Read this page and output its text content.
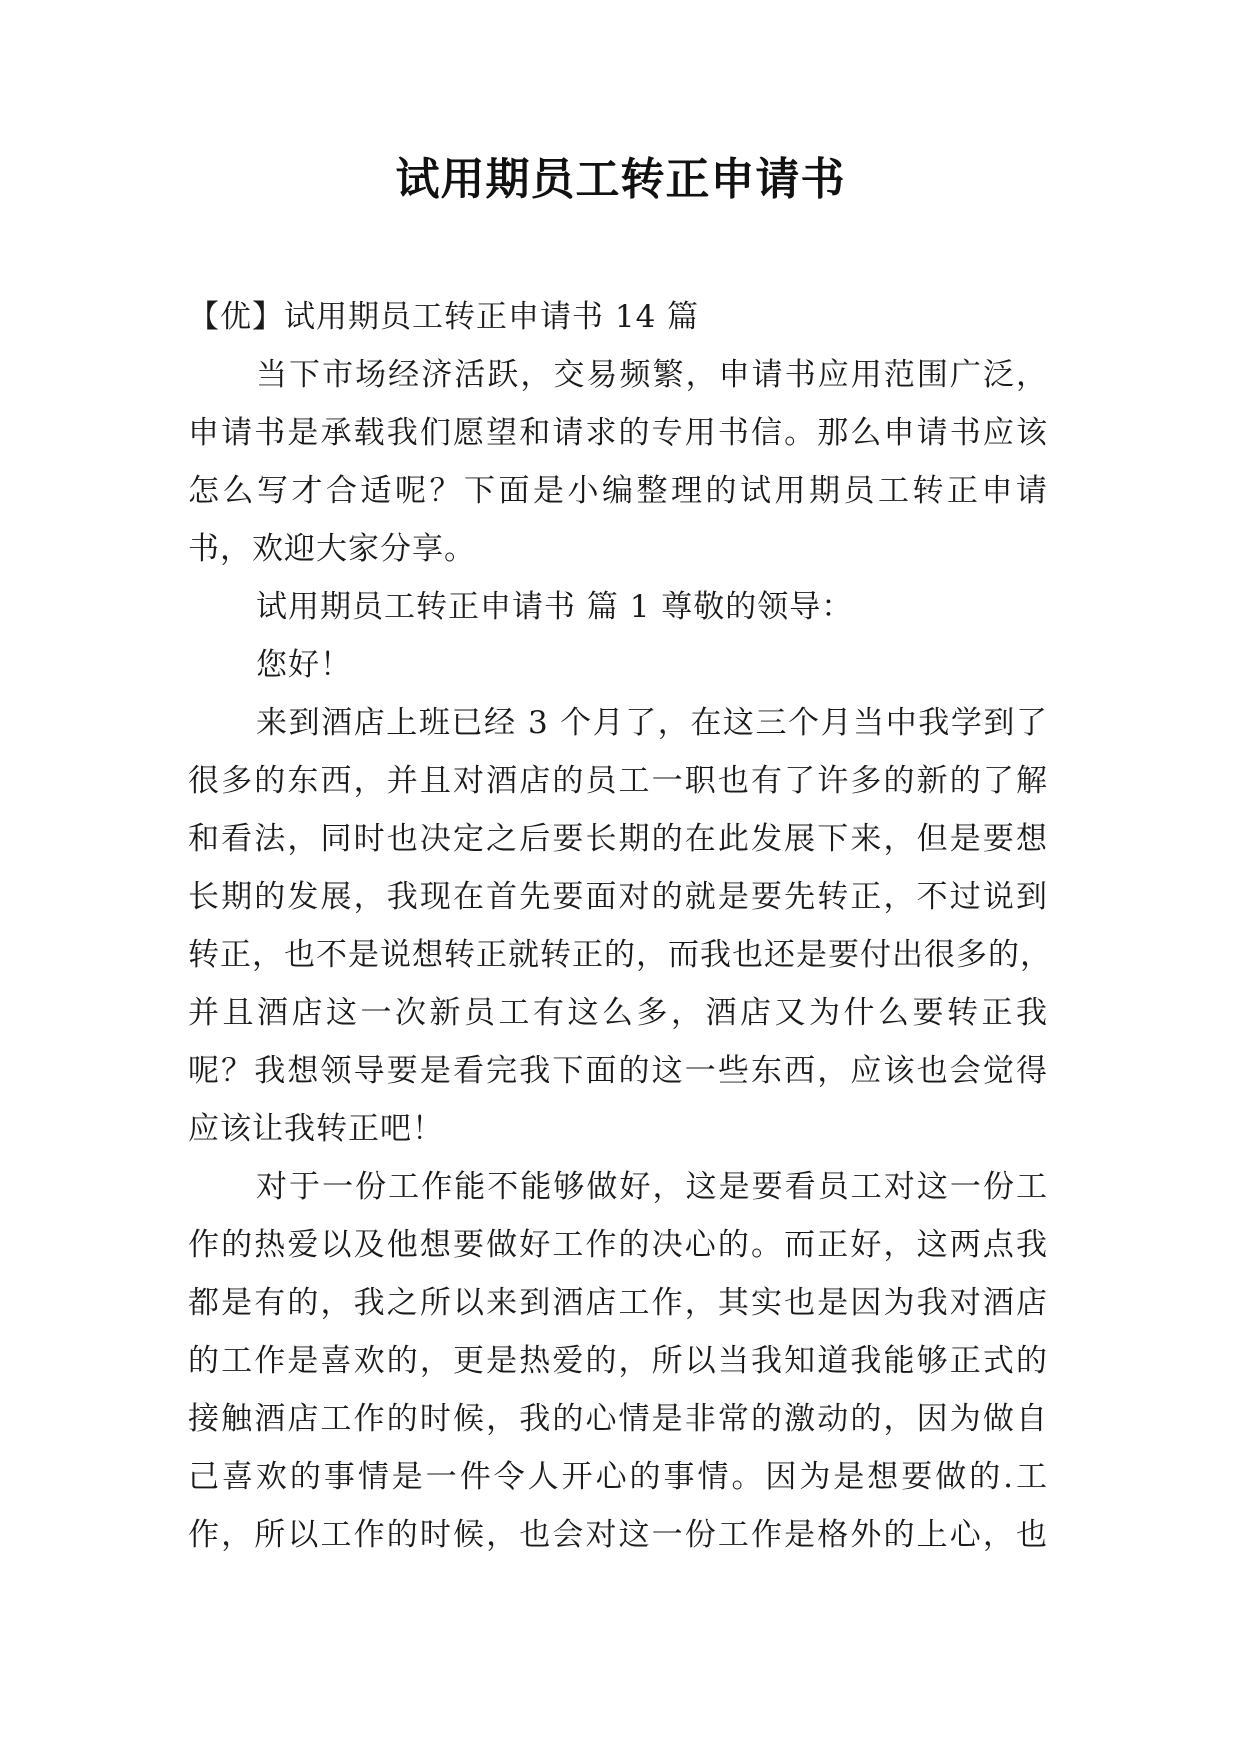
试用期员工转正申请书

【优】试用期员工转正申请书 14 篇

当下市场经济活跃，交易频繁，申请书应用范围广泛，

申请书是承载我们愿望和请求的专用书信。那么申请书应该

怎么写才合适呢？下面是小编整理的试用期员工转正申请

书，欢迎大家分享。

试用期员工转正申请书 篇 1 尊敬的领导：

您好！

来到酒店上班已经 3 个月了，在这三个月当中我学到了

很多的东西，并且对酒店的员工一职也有了许多的新的了解

和看法，同时也决定之后要长期的在此发展下来，但是要想

长期的发展，我现在首先要面对的就是要先转正，不过说到

转正，也不是说想转正就转正的，而我也还是要付出很多的，

并且酒店这一次新员工有这么多，酒店又为什么要转正我

呢？我想领导要是看完我下面的这一些东西，应该也会觉得

应该让我转正吧！

对于一份工作能不能够做好，这是要看员工对这一份工

作的热爱以及他想要做好工作的决心的。而正好，这两点我

都是有的，我之所以来到酒店工作，其实也是因为我对酒店

的工作是喜欢的，更是热爱的，所以当我知道我能够正式的

接触酒店工作的时候，我的心情是非常的激动的，因为做自

己喜欢的事情是一件令人开心的事情。因为是想要做的.工

作，所以工作的时候，也会对这一份工作是格外的上心，也
